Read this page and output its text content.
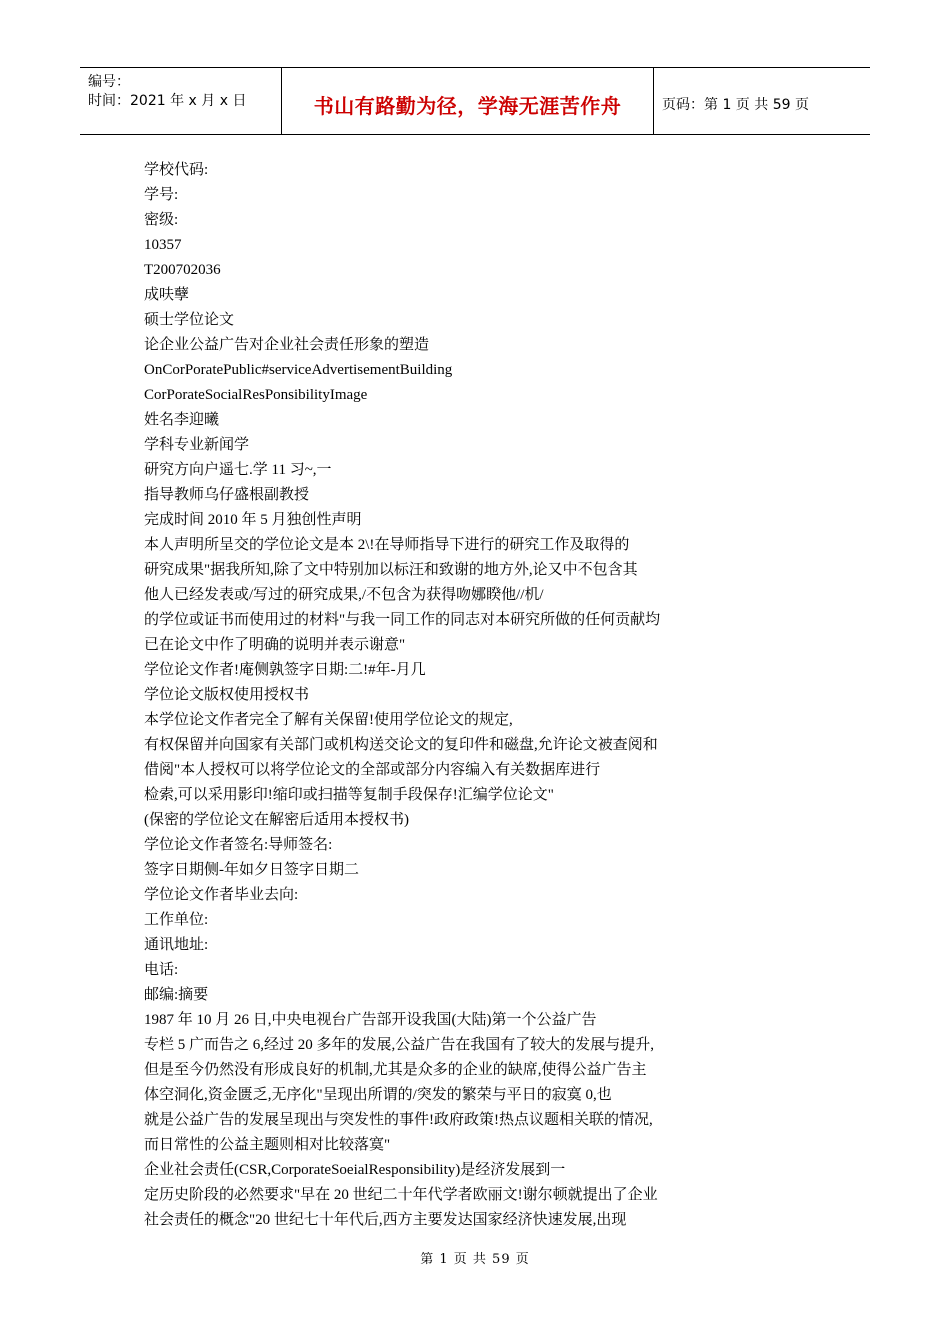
编号：
时间：2021 年 x 月 x 日	书山有路勤为径，学海无涯苦作舟	页码：第 1 页 共 59 页
学校代码:
学号:
密级:
10357
T200702036
成呋孽
硕士学位论文
论企业公益广告对企业社会责任形象的塑造
OnCorPoratePublic#serviceAdvertisementBuilding
CorPorateSocialResPonsibilityImage
姓名李迎曦
学科专业新闻学
研究方向户遥七.学 11 习~,一
指导教师乌仔盛根副教授
完成时间 2010 年 5 月独创性声明
本人声明所呈交的学位论文是本 2\!在导师指导下进行的研究工作及取得的
研究成果"据我所知,除了文中特别加以标汪和致谢的地方外,论又中不包含其
他人已经发表或/写过的研究成果,/不包含为获得吻娜睽他//机/
的学位或证书而使用过的材料"与我一同工作的同志对本研究所做的任何贡献均
已在论文中作了明确的说明并表示谢意"
学位论文作者!庵侧孰签字日期:二!#年-月几
学位论文版权使用授权书
本学位论文作者完全了解有关保留!使用学位论文的规定,
有权保留并向国家有关部门或机构送交论文的复印件和磁盘,允许论文被查阅和
借阅"本人授权可以将学位论文的全部或部分内容编入有关数据库进行
检索,可以采用影印!缩印或扫描等复制手段保存!汇编学位论文"
(保密的学位论文在解密后适用本授权书)
学位论文作者签名:导师签名:
签字日期侧-年如夕日签字日期二
学位论文作者毕业去向:
工作单位:
通讯地址:
电话:
邮编:摘要
1987 年 10 月 26 日,中央电视台广告部开设我国(大陆)第一个公益广告
专栏 5 广而告之 6,经过 20 多年的发展,公益广告在我国有了较大的发展与提升,
但是至今仍然没有形成良好的机制,尤其是众多的企业的缺席,使得公益广告主
体空洞化,资金匮乏,无序化"呈现出所谓的/突发的繁荣与平日的寂寞 0,也
就是公益广告的发展呈现出与突发性的事件!政府政策!热点议题相关联的情况,
而日常性的公益主题则相对比较落寞"
企业社会责任(CSR,CorporateSoeialResponsibility)是经济发展到一
定历史阶段的必然要求"早在 20 世纪二十年代学者欧丽文!谢尔顿就提出了企业
社会责任的概念"20 世纪七十年代后,西方主要发达国家经济快速发展,出现
第 1 页 共 59 页
